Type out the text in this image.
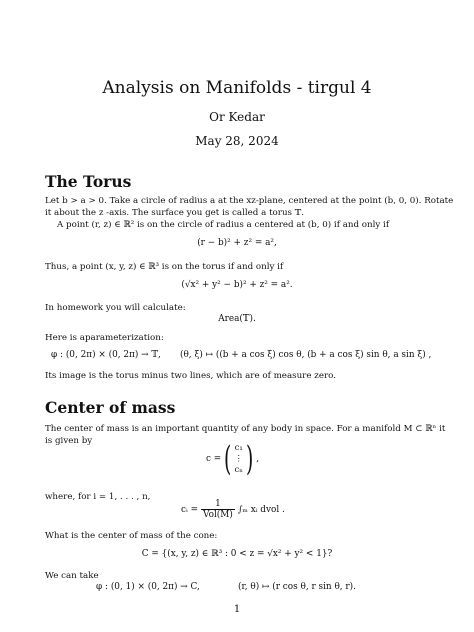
Analysis on Manifolds - tirgul 4
Or Kedar
May 28, 2024
The Torus
Let b > a > 0. Take a circle of radius a at the xz-plane, centered at the point (b, 0, 0). Rotate
it about the z -axis. The surface you get is called a torus 𝕋.
A point (r, z) ∈ ℝ² is on the circle of radius a centered at (b, 0) if and only if
(r − b)² + z² = a²,
Thus, a point (x, y, z) ∈ ℝ³ is on the torus if and only if
(√x² + y² − b)² + z² = a².
In homework you will calculate:
Area(𝕋).
Here is aparameterization:
φ : (0, 2π) × (0, 2π) → 𝕋, (θ, ξ) ↦ ((b + a cos ξ) cos θ, (b + a cos ξ) sin θ, a sin ξ) ,
Its image is the torus minus two lines, which are of measure zero.
Center of mass
The center of mass is an important quantity of any body in space. For a manifold M ⊂ ℝⁿ it
is given by
c = ( c₁
⋮
cₙ ) ,
where, for i = 1, . . . , n,
cᵢ = $\frac{1}{\text{Vol(M)}} \int_m$ xᵢ dvol .
What is the center of mass of the cone:
C = {(x, y, z) ∈ ℝ³ : 0 < z = √x² + y² < 1}?
We can take
φ : (0, 1) × (0, 2π) → C,	(r, θ) ↦ (r cos θ, r sin θ, r).
1
